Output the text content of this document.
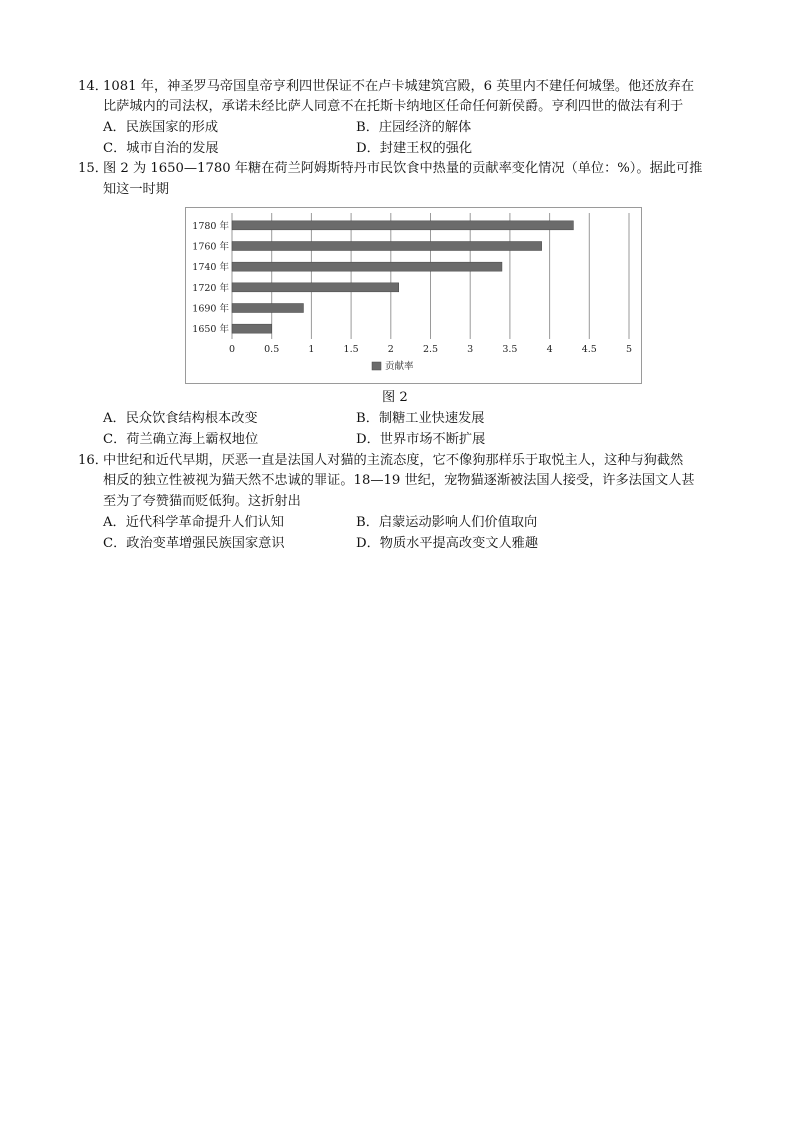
14．
1081 年，神圣罗马帝国皇帝亨利四世保证不在卢卡城建筑宫殿，6 英里内不建任何城堡。他还放弃在
比萨城内的司法权，承诺未经比萨人同意不在托斯卡纳地区任命任何新侯爵。亨利四世的做法有利于
A．民族国家的形成	B．庄园经济的解体
C．城市自治的发展	D．封建王权的强化
15．
图 2 为 1650—1780 年糖在荷兰阿姆斯特丹市民饮食中热量的贡献率变化情况（单位：%）。据此可推
知这一时期
0	0.5	1	1.5	2	2.5	3	3.5	4	4.5	5
1780 年
1760 年
1740 年
1720 年
1690 年
1650 年
贡献率
图 2
A．民众饮食结构根本改变	B．制糖工业快速发展
C．荷兰确立海上霸权地位	D．世界市场不断扩展
16．
中世纪和近代早期，厌恶一直是法国人对猫的主流态度，它不像狗那样乐于取悦主人，这种与狗截然
相反的独立性被视为猫天然不忠诚的罪证。18—19 世纪，宠物猫逐渐被法国人接受，许多法国文人甚
至为了夸赞猫而贬低狗。这折射出
A．近代科学革命提升人们认知	B．启蒙运动影响人们价值取向
C．政治变革增强民族国家意识	D．物质水平提高改变文人雅趣
